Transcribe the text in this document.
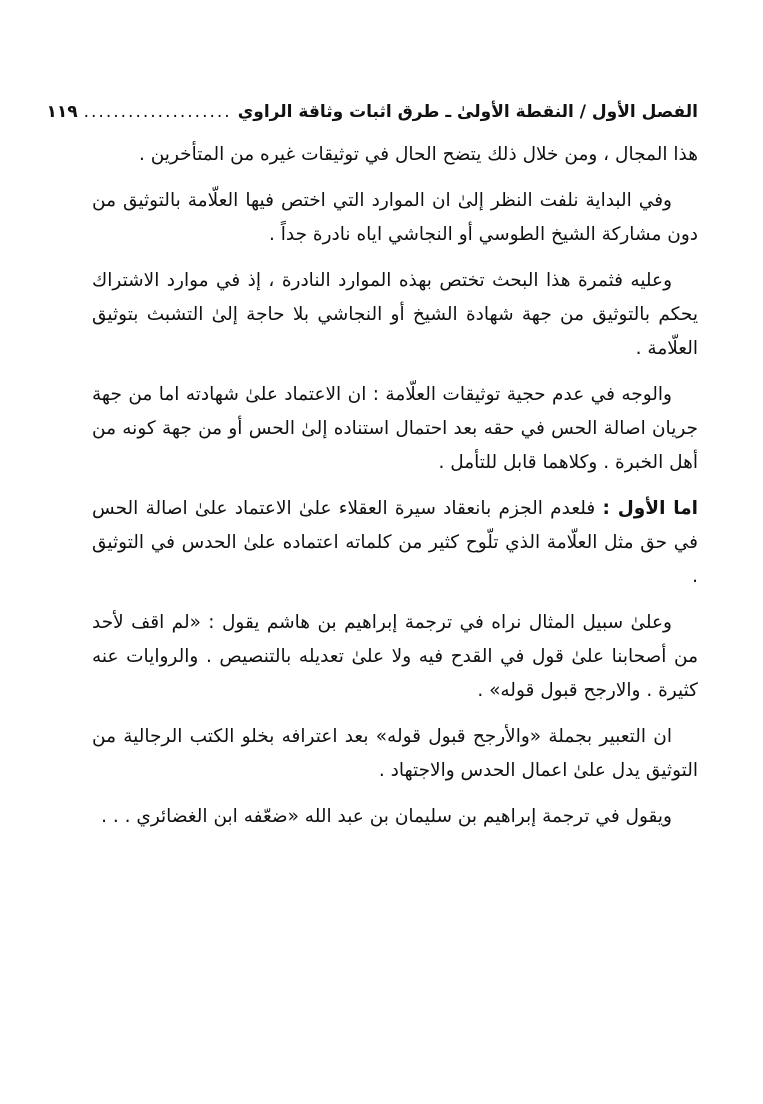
الفصل الأول / النقطة الأولىٰ ـ طرق اثبات وثاقة الراوي
....................
١١٩

هذا المجال ، ومن خلال ذلك يتضح الحال في توثيقات غيره من المتأخرين .

وفي البداية نلفت النظر إلىٰ ان الموارد التي اختص فيها العلّامة بالتوثيق من دون مشاركة الشيخ الطوسي أو النجاشي اياه نادرة جداً .

وعليه فثمرة هذا البحث تختص بهذه الموارد النادرة ، إذ في موارد الاشتراك يحكم بالتوثيق من جهة شهادة الشيخ أو النجاشي بلا حاجة إلىٰ التشبث بتوثيق العلّامة .

والوجه في عدم حجية توثيقات العلّامة : ان الاعتماد علىٰ شهادته اما من جهة جريان اصالة الحس في حقه بعد احتمال استناده إلىٰ الحس أو من جهة كونه من أهل الخبرة . وكلاهما قابل للتأمل .

اما الأول : فلعدم الجزم بانعقاد سيرة العقلاء علىٰ الاعتماد علىٰ اصالة الحس في حق مثل العلّامة الذي تلّوح كثير من كلماته اعتماده علىٰ الحدس في التوثيق .

وعلىٰ سبيل المثال نراه في ترجمة إبراهيم بن هاشم يقول : «لم اقف لأحد من أصحابنا علىٰ قول في القدح فيه ولا علىٰ تعديله بالتنصيص . والروايات عنه كثيرة . والارجح قبول قوله» .

ان التعبير بجملة «والأرجح قبول قوله» بعد اعترافه بخلو الكتب الرجالية من التوثيق يدل علىٰ اعمال الحدس والاجتهاد .

ويقول في ترجمة إبراهيم بن سليمان بن عبد الله «ضعّفه ابن الغضائري . . .
